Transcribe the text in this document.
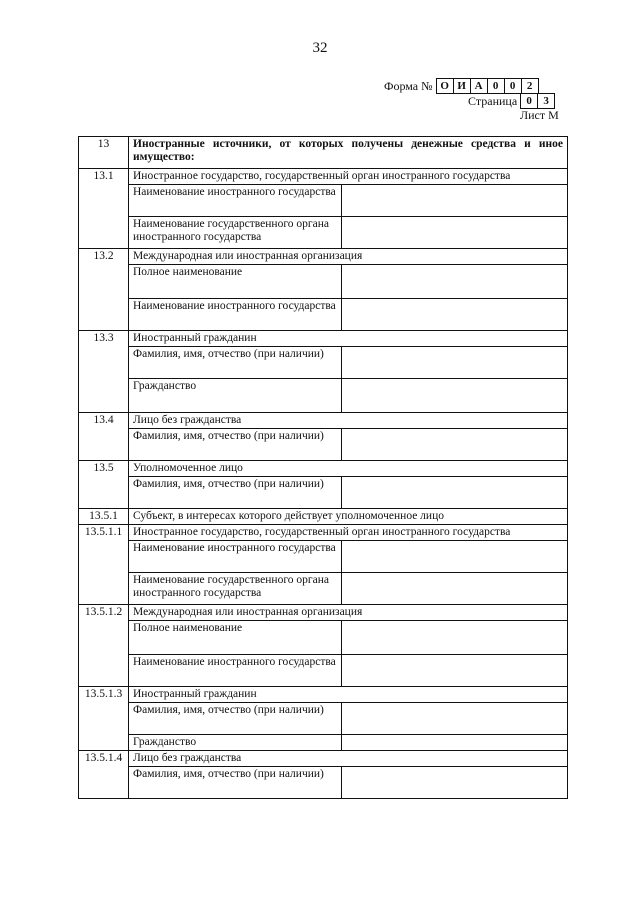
32
Форма № О И А 0	0	2
Страница 0	3
Лист М
13	Иностранные источники, от которых получены денежные средства и иное имущество:	
13.1	Иностранное государство, государственный орган иностранного государства	
	Наименование иностранного государства	
	Наименование государственного органа иностранного государства	
13.2	Международная или иностранная организация	
	Полное наименование	
	Наименование иностранного государства	
13.3	Иностранный гражданин	
	Фамилия, имя, отчество (при наличии)	
	Гражданство	
13.4	Лицо без гражданства	
	Фамилия, имя, отчество (при наличии)	
13.5	Уполномоченное лицо	
	Фамилия, имя, отчество (при наличии)	
13.5.1	Субъект, в интересах которого действует уполномоченное лицо	
13.5.1.1	Иностранное государство, государственный орган иностранного государства	
	Наименование иностранного государства	
	Наименование государственного органа иностранного государства	
13.5.1.2	Международная или иностранная организация	
	Полное наименование	
	Наименование иностранного государства	
13.5.1.3	Иностранный гражданин	
	Фамилия, имя, отчество (при наличии)	
	Гражданство	
13.5.1.4	Лицо без гражданства	
	Фамилия, имя, отчество (при наличии)	
